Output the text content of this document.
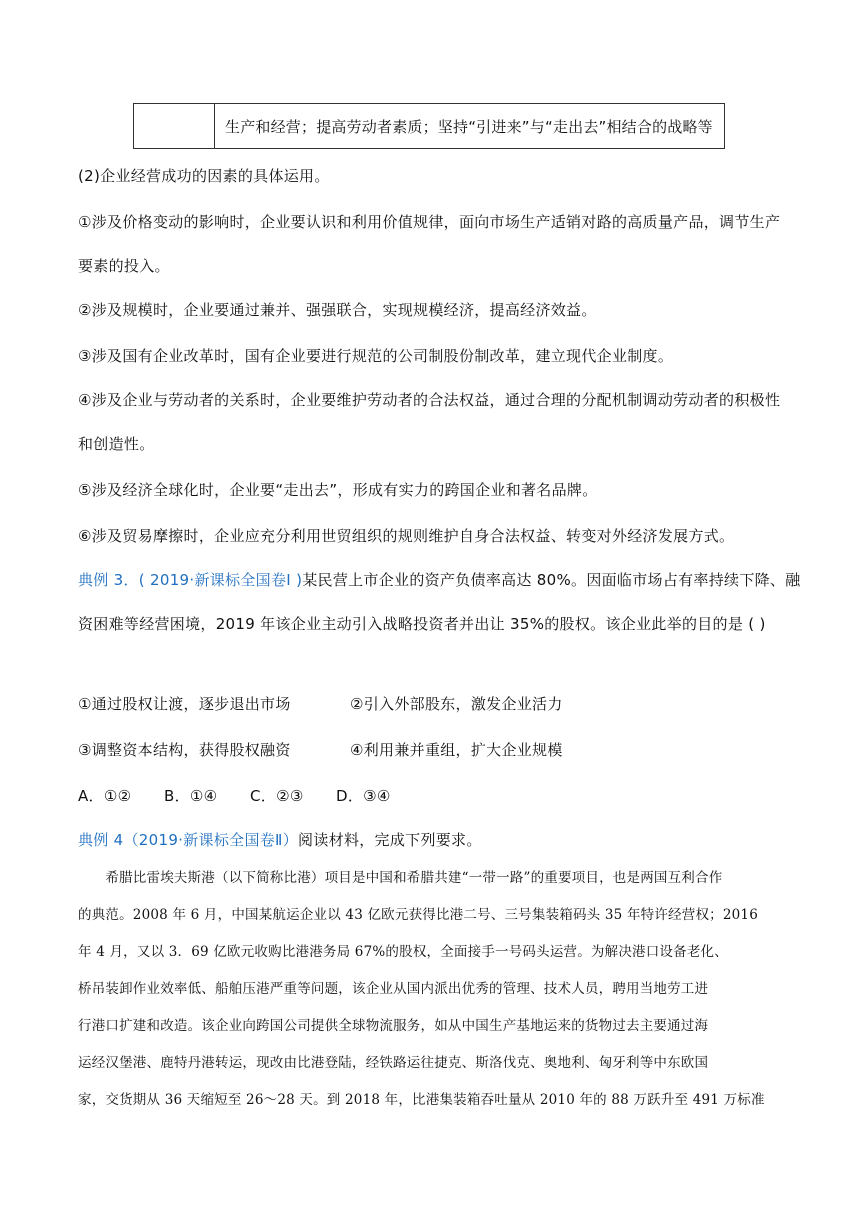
生产和经营；提高劳动者素质；坚持“引进来”与“走出去”相结合的战略等
(2)企业经营成功的因素的具体运用。
①涉及价格变动的影响时，企业要认识和利用价值规律，面向市场生产适销对路的高质量产品，调节生产
要素的投入。
②涉及规模时，企业要通过兼并、强强联合，实现规模经济，提高经济效益。
③涉及国有企业改革时，国有企业要进行规范的公司制股份制改革，建立现代企业制度。
④涉及企业与劳动者的关系时，企业要维护劳动者的合法权益，通过合理的分配机制调动劳动者的积极性
和创造性。
⑤涉及经济全球化时，企业要“走出去”，形成有实力的跨国企业和著名品牌。
⑥涉及贸易摩擦时，企业应充分利用世贸组织的规则维护自身合法权益、转变对外经济发展方式。
典例 3．( 2019·新课标全国卷Ⅰ )某民营上市企业的资产负债率高达 80%。因面临市场占有率持续下降、融
资困难等经营困境，2019 年该企业主动引入战略投资者并出让 35%的股权。该企业此举的目的是 ( )
①通过股权让渡，逐步退出市场	②引入外部股东，激发企业活力
③调整资本结构，获得股权融资	④利用兼并重组，扩大企业规模
A．①② B．①④ C．②③ D．③④
典例 4（2019·新课标全国卷Ⅱ）阅读材料，完成下列要求。
　　希腊比雷埃夫斯港（以下简称比港）项目是中国和希腊共建“一带一路”的重要项目，也是两国互利合作
的典范。2008 年 6 月，中国某航运企业以 43 亿欧元获得比港二号、三号集装箱码头 35 年特许经营权；2016
年 4 月，又以 3．69 亿欧元收购比港港务局 67%的股权，全面接手一号码头运营。为解决港口设备老化、
桥吊装卸作业效率低、船舶压港严重等问题，该企业从国内派出优秀的管理、技术人员，聘用当地劳工进
行港口扩建和改造。该企业向跨国公司提供全球物流服务，如从中国生产基地运来的货物过去主要通过海
运经汉堡港、鹿特丹港转运，现改由比港登陆，经铁路运往捷克、斯洛伐克、奥地利、匈牙利等中东欧国
家，交货期从 36 天缩短至 26～28 天。到 2018 年，比港集装箱吞吐量从 2010 年的 88 万跃升至 491 万标准
